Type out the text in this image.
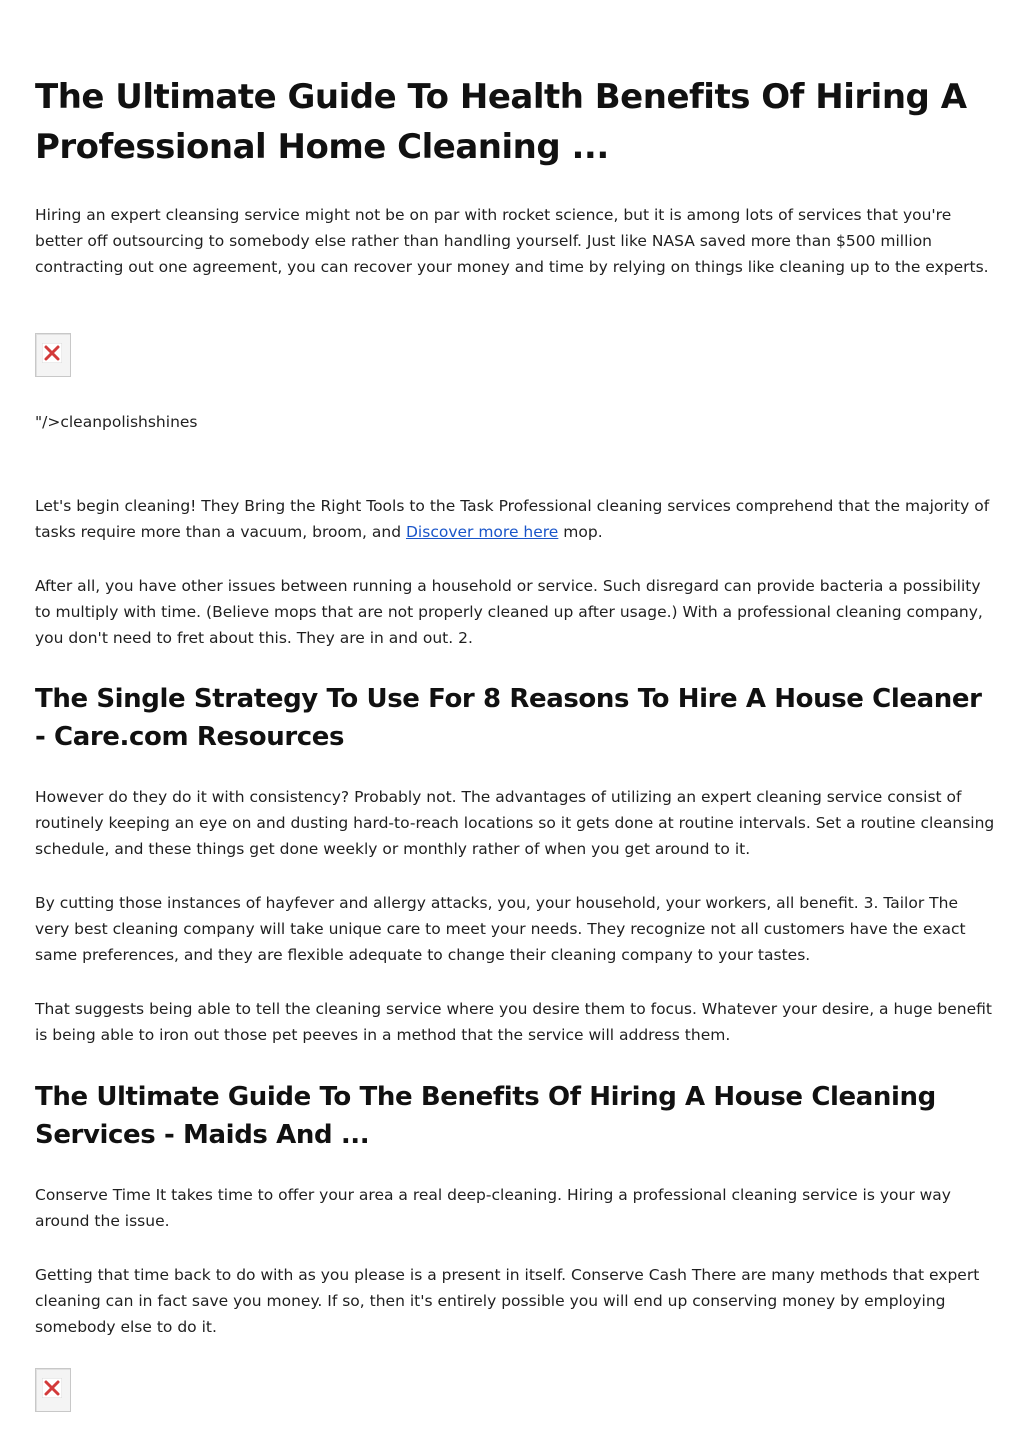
The Ultimate Guide To Health Benefits Of Hiring A Professional Home Cleaning ...

Hiring an expert cleansing service might not be on par with rocket science, but it is among lots of services that you're better off outsourcing to somebody else rather than handling yourself. Just like NASA saved more than $500 million contracting out one agreement, you can recover your money and time by relying on things like cleaning up to the experts.

"/>cleanpolishshines

Let's begin cleaning! They Bring the Right Tools to the Task Professional cleaning services comprehend that the majority of tasks require more than a vacuum, broom, and Discover more here mop.

After all, you have other issues between running a household or service. Such disregard can provide bacteria a possibility to multiply with time. (Believe mops that are not properly cleaned up after usage.) With a professional cleaning company, you don't need to fret about this. They are in and out. 2.

The Single Strategy To Use For 8 Reasons To Hire A House Cleaner - Care.com Resources

However do they do it with consistency? Probably not. The advantages of utilizing an expert cleaning service consist of routinely keeping an eye on and dusting hard-to-reach locations so it gets done at routine intervals. Set a routine cleansing schedule, and these things get done weekly or monthly rather of when you get around to it.

By cutting those instances of hayfever and allergy attacks, you, your household, your workers, all benefit. 3. Tailor The very best cleaning company will take unique care to meet your needs. They recognize not all customers have the exact same preferences, and they are flexible adequate to change their cleaning company to your tastes.

That suggests being able to tell the cleaning service where you desire them to focus. Whatever your desire, a huge benefit is being able to iron out those pet peeves in a method that the service will address them.

The Ultimate Guide To The Benefits Of Hiring A House Cleaning Services - Maids And ...

Conserve Time It takes time to offer your area a real deep-cleaning. Hiring a professional cleaning service is your way around the issue.

Getting that time back to do with as you please is a present in itself. Conserve Cash There are many methods that expert cleaning can in fact save you money. If so, then it's entirely possible you will end up conserving money by employing somebody else to do it.
